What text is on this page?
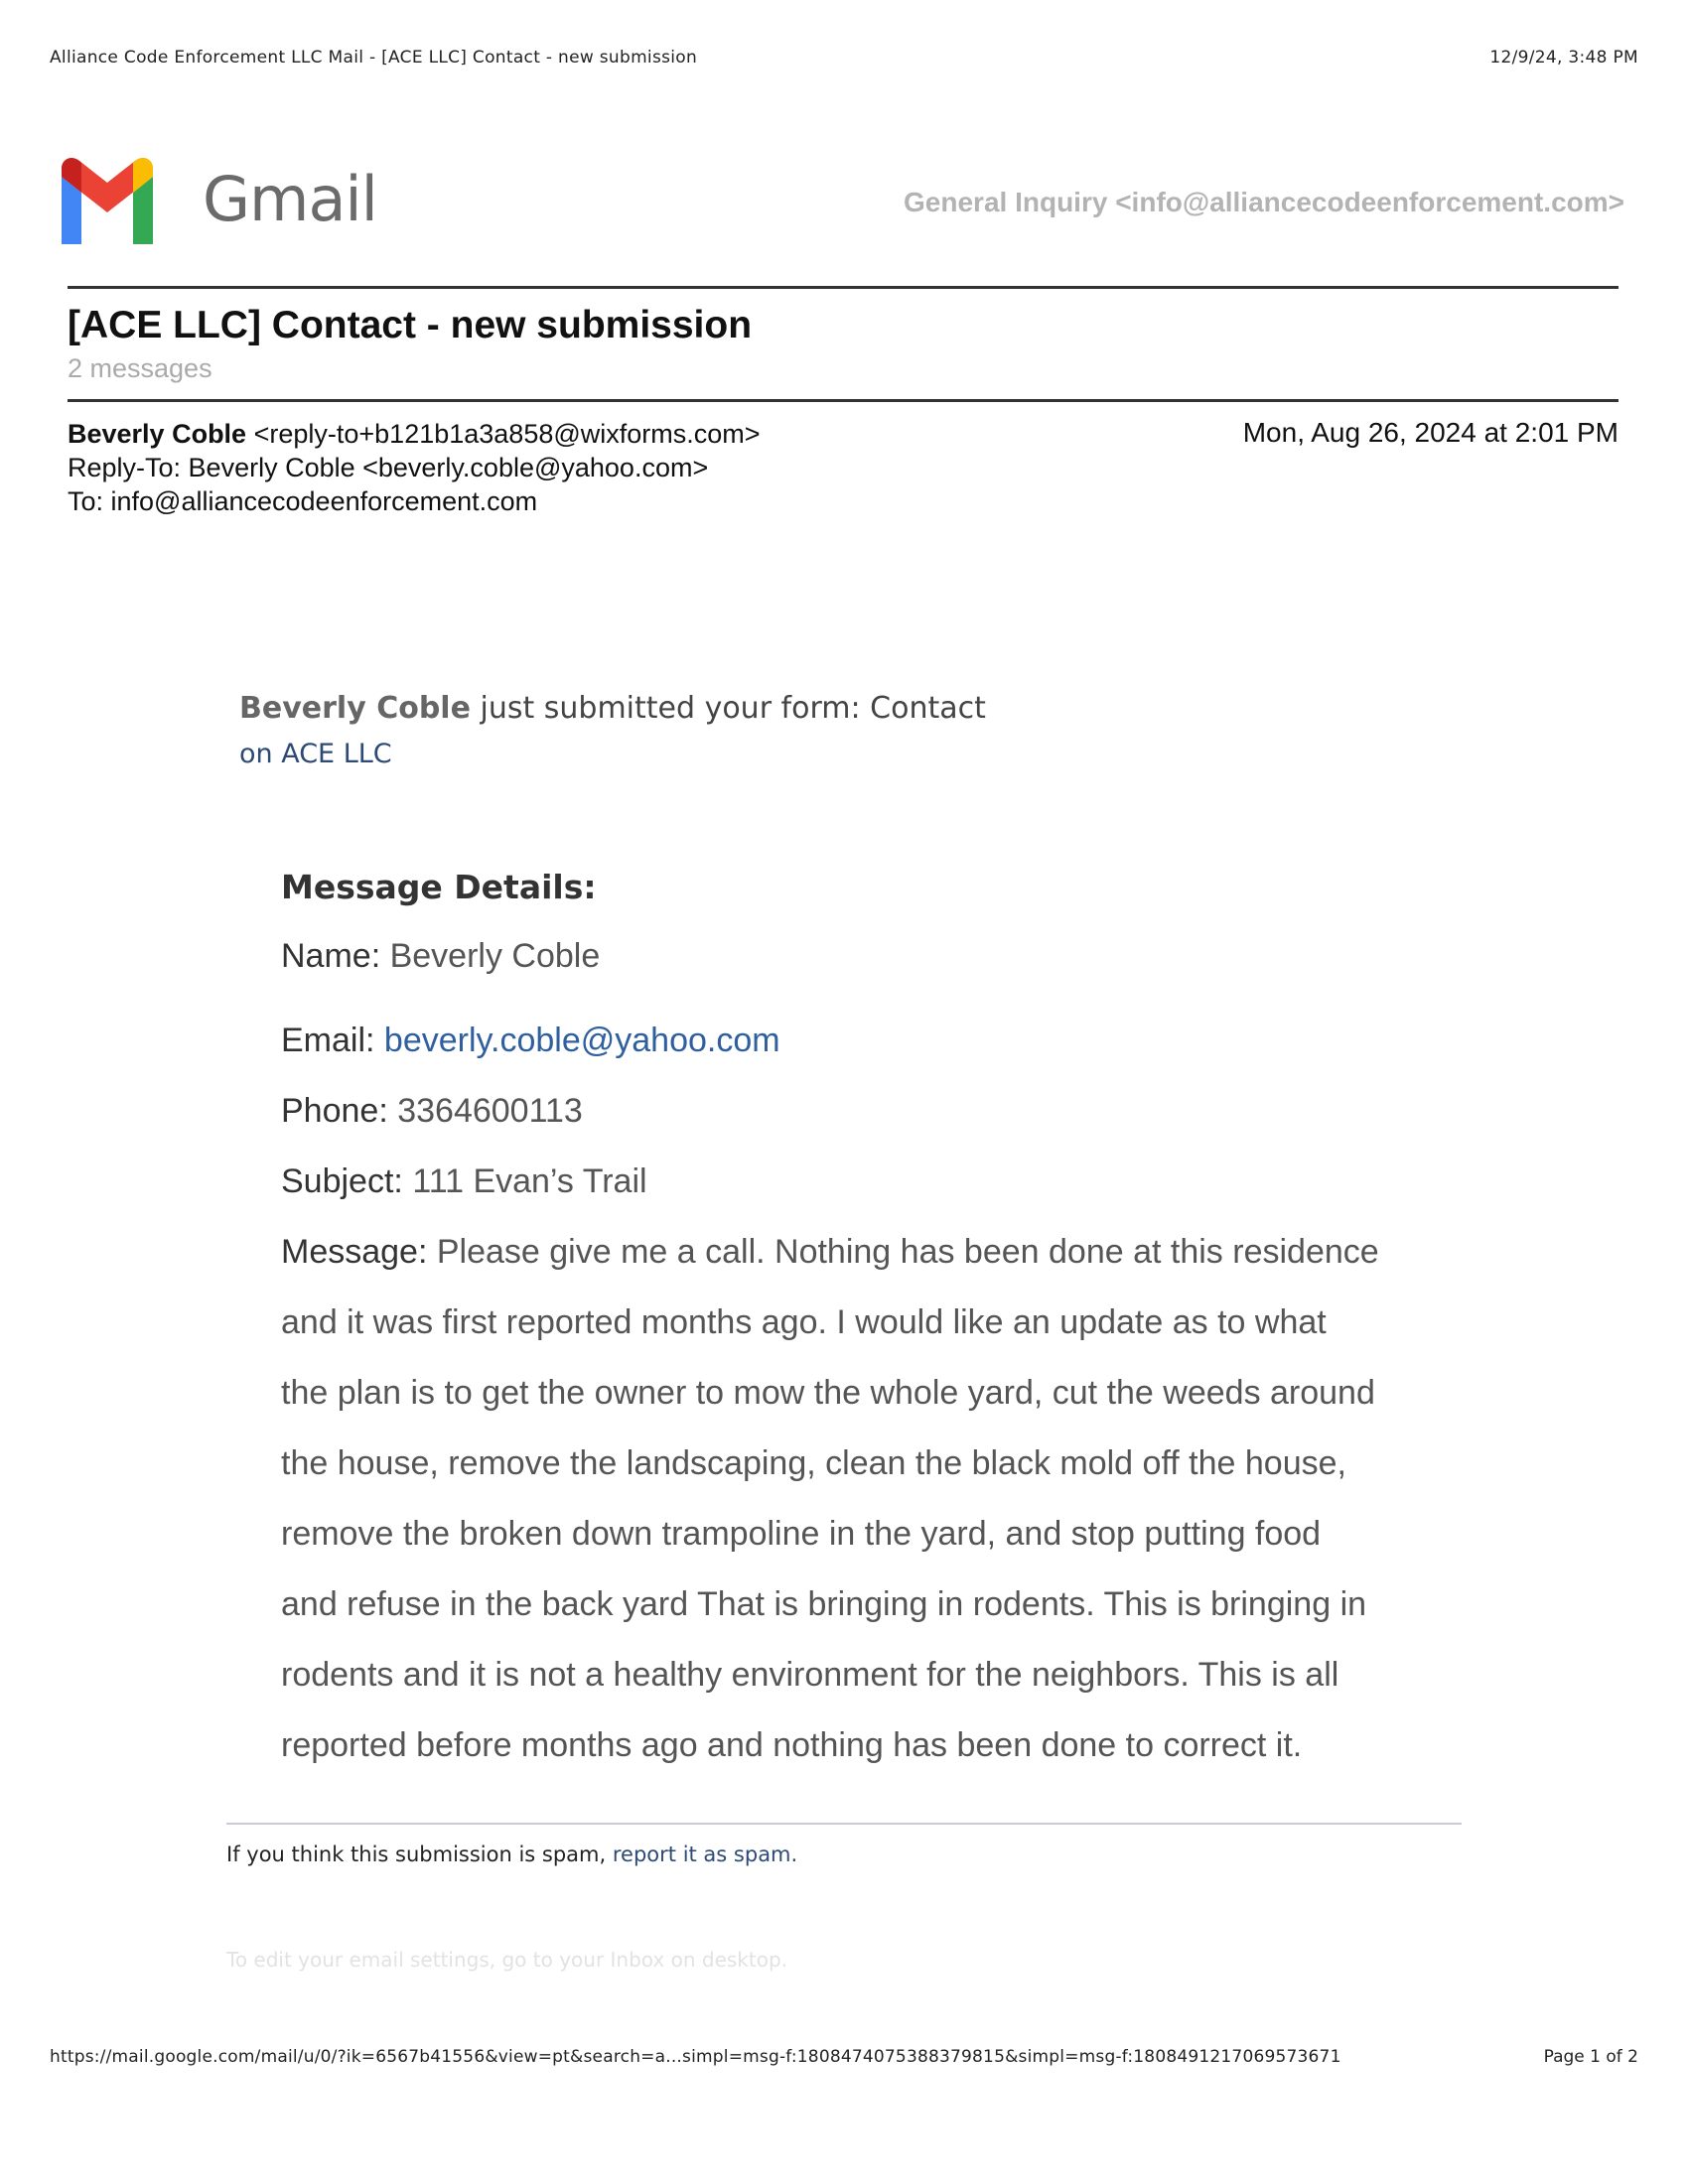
Alliance Code Enforcement LLC Mail - [ACE LLC] Contact - new submission	12/9/24, 3:48 PM
Gmail	General Inquiry <info@alliancecodeenforcement.com>
[ACE LLC] Contact - new submission
2 messages
Beverly Coble <reply-to+b121b1a3a858@wixforms.com>
Reply-To: Beverly Coble <beverly.coble@yahoo.com>
To: info@alliancecodeenforcement.com
Mon, Aug 26, 2024 at 2:01 PM
Beverly Coble just submitted your form: Contact
on ACE LLC
Message Details:
Name: Beverly Coble
Email: beverly.coble@yahoo.com
Phone: 3364600113
Subject: 111 Evan’s Trail
Message: Please give me a call. Nothing has been done at this residence
and it was first reported months ago. I would like an update as to what
the plan is to get the owner to mow the whole yard, cut the weeds around
the house, remove the landscaping, clean the black mold off the house,
remove the broken down trampoline in the yard, and stop putting food
and refuse in the back yard That is bringing in rodents. This is bringing in
rodents and it is not a healthy environment for the neighbors. This is all
reported before months ago and nothing has been done to correct it.
If you think this submission is spam, report it as spam.
To edit your email settings, go to your Inbox on desktop.
https://mail.google.com/mail/u/0/?ik=6567b41556&view=pt&search=a...simpl=msg-f:1808474075388379815&simpl=msg-f:1808491217069573671	Page 1 of 2
